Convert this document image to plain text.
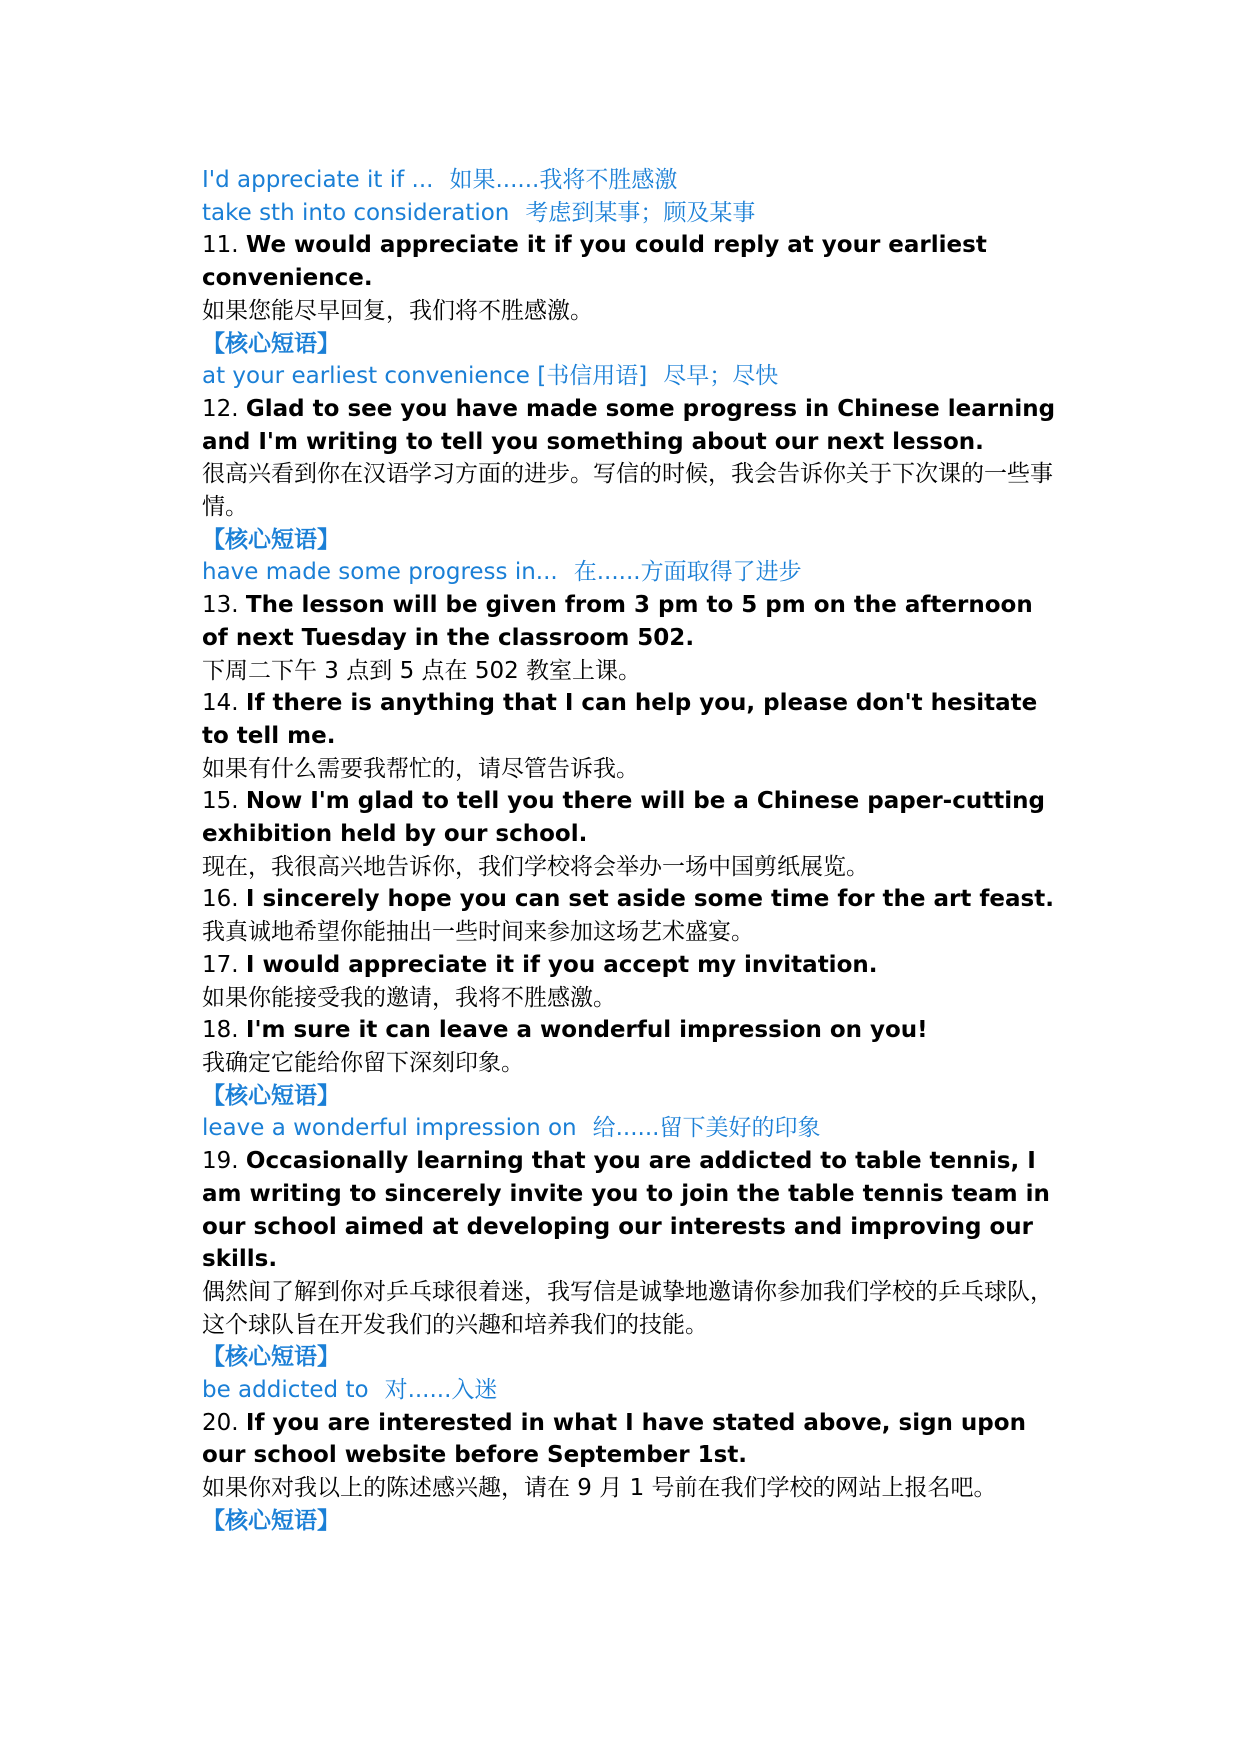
I'd appreciate it if ... 如果......我将不胜感激

take sth into consideration 考虑到某事；顾及某事

11. We would appreciate it if you could reply at your earliest convenience.

如果您能尽早回复，我们将不胜感激。

【核心短语】

at your earliest convenience [书信用语] 尽早；尽快

12. Glad to see you have made some progress in Chinese learning and I'm writing to tell you something about our next lesson.

很高兴看到你在汉语学习方面的进步。写信的时候，我会告诉你关于下次课的一些事情。

【核心短语】

have made some progress in... 在......方面取得了进步

13. The lesson will be given from 3 pm to 5 pm on the afternoon of next Tuesday in the classroom 502.

下周二下午 3 点到 5 点在 502 教室上课。

14. If there is anything that I can help you, please don't hesitate to tell me.

如果有什么需要我帮忙的，请尽管告诉我。

15. Now I'm glad to tell you there will be a Chinese paper-cutting exhibition held by our school.

现在，我很高兴地告诉你，我们学校将会举办一场中国剪纸展览。

16. I sincerely hope you can set aside some time for the art feast.

我真诚地希望你能抽出一些时间来参加这场艺术盛宴。

17. I would appreciate it if you accept my invitation.

如果你能接受我的邀请，我将不胜感激。

18. I'm sure it can leave a wonderful impression on you!

我确定它能给你留下深刻印象。

【核心短语】

leave a wonderful impression on 给......留下美好的印象

19. Occasionally learning that you are addicted to table tennis, I am writing to sincerely invite you to join the table tennis team in our school aimed at developing our interests and improving our skills.

偶然间了解到你对乒乓球很着迷，我写信是诚挚地邀请你参加我们学校的乒乓球队，这个球队旨在开发我们的兴趣和培养我们的技能。

【核心短语】

be addicted to 对......入迷

20. If you are interested in what I have stated above, sign upon our school website before September 1st.

如果你对我以上的陈述感兴趣，请在 9 月 1 号前在我们学校的网站上报名吧。

【核心短语】
